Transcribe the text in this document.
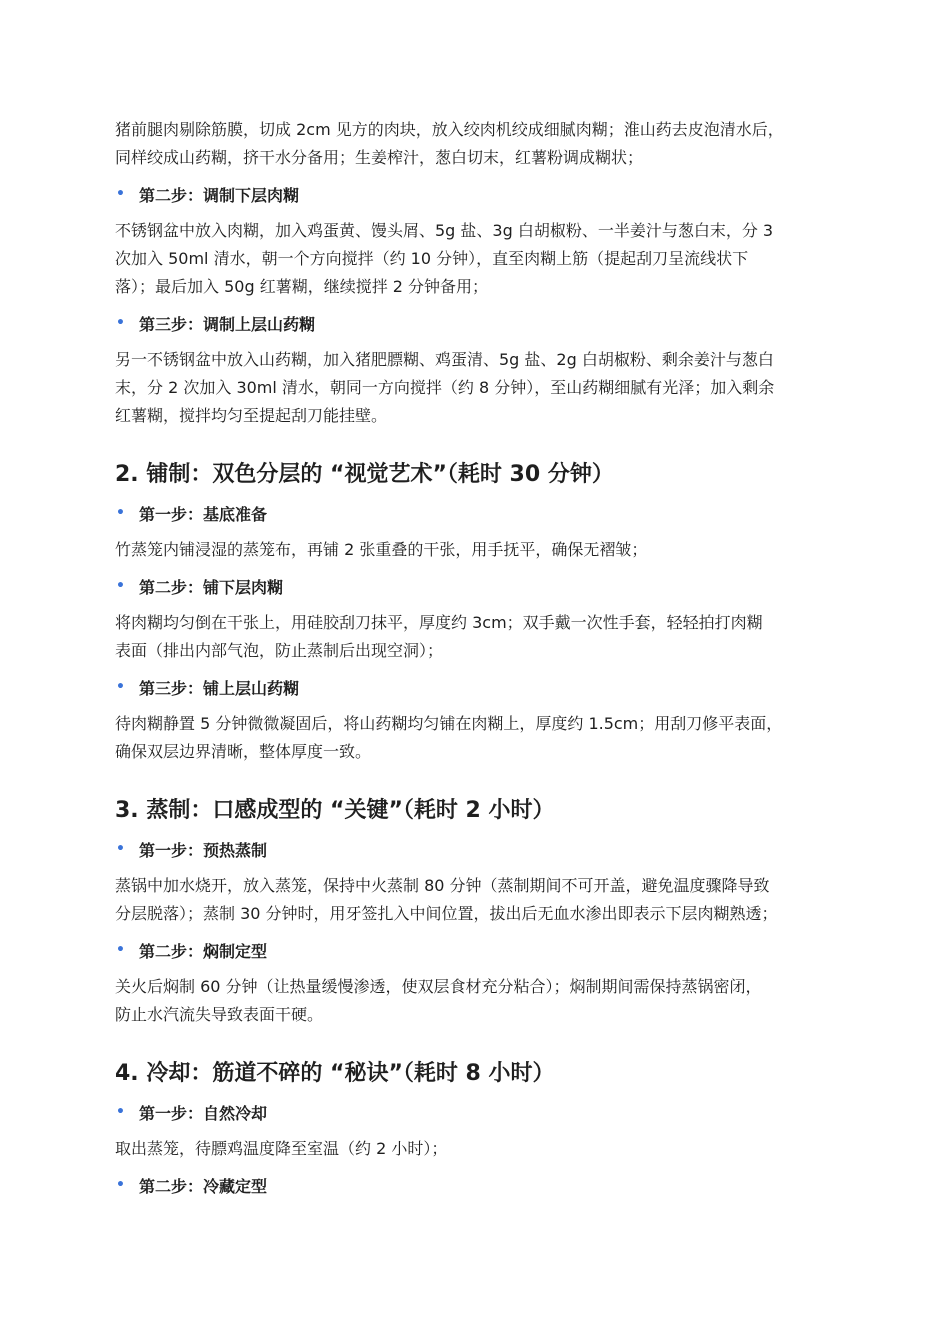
猪前腿肉剔除筋膜，切成 2cm 见方的肉块，放入绞肉机绞成细腻肉糊；淮山药去皮泡清水后，
同样绞成山药糊，挤干水分备用；生姜榨汁，葱白切末，红薯粉调成糊状；

• 第二步：调制下层肉糊

不锈钢盆中放入肉糊，加入鸡蛋黄、馒头屑、5g 盐、3g 白胡椒粉、一半姜汁与葱白末，分 3
次加入 50ml 清水，朝一个方向搅拌（约 10 分钟），直至肉糊上筋（提起刮刀呈流线状下
落）；最后加入 50g 红薯糊，继续搅拌 2 分钟备用；

• 第三步：调制上层山药糊

另一不锈钢盆中放入山药糊，加入猪肥膘糊、鸡蛋清、5g 盐、2g 白胡椒粉、剩余姜汁与葱白
末，分 2 次加入 30ml 清水，朝同一方向搅拌（约 8 分钟），至山药糊细腻有光泽；加入剩余
红薯糊，搅拌均匀至提起刮刀能挂壁。

2. 铺制：双色分层的 “视觉艺术”（耗时 30 分钟）
• 第一步：基底准备

竹蒸笼内铺浸湿的蒸笼布，再铺 2 张重叠的干张，用手抚平，确保无褶皱；

• 第二步：铺下层肉糊

将肉糊均匀倒在干张上，用硅胶刮刀抹平，厚度约 3cm；双手戴一次性手套，轻轻拍打肉糊
表面（排出内部气泡，防止蒸制后出现空洞）；

• 第三步：铺上层山药糊

待肉糊静置 5 分钟微微凝固后，将山药糊均匀铺在肉糊上，厚度约 1.5cm；用刮刀修平表面，
确保双层边界清晰，整体厚度一致。

3. 蒸制：口感成型的 “关键”（耗时 2 小时）
• 第一步：预热蒸制

蒸锅中加水烧开，放入蒸笼，保持中火蒸制 80 分钟（蒸制期间不可开盖，避免温度骤降导致
分层脱落）；蒸制 30 分钟时，用牙签扎入中间位置，拔出后无血水渗出即表示下层肉糊熟透；

• 第二步：焖制定型

关火后焖制 60 分钟（让热量缓慢渗透，使双层食材充分粘合）；焖制期间需保持蒸锅密闭，
防止水汽流失导致表面干硬。

4. 冷却：筋道不碎的 “秘诀”（耗时 8 小时）
• 第一步：自然冷却

取出蒸笼，待膘鸡温度降至室温（约 2 小时）；

• 第二步：冷藏定型
